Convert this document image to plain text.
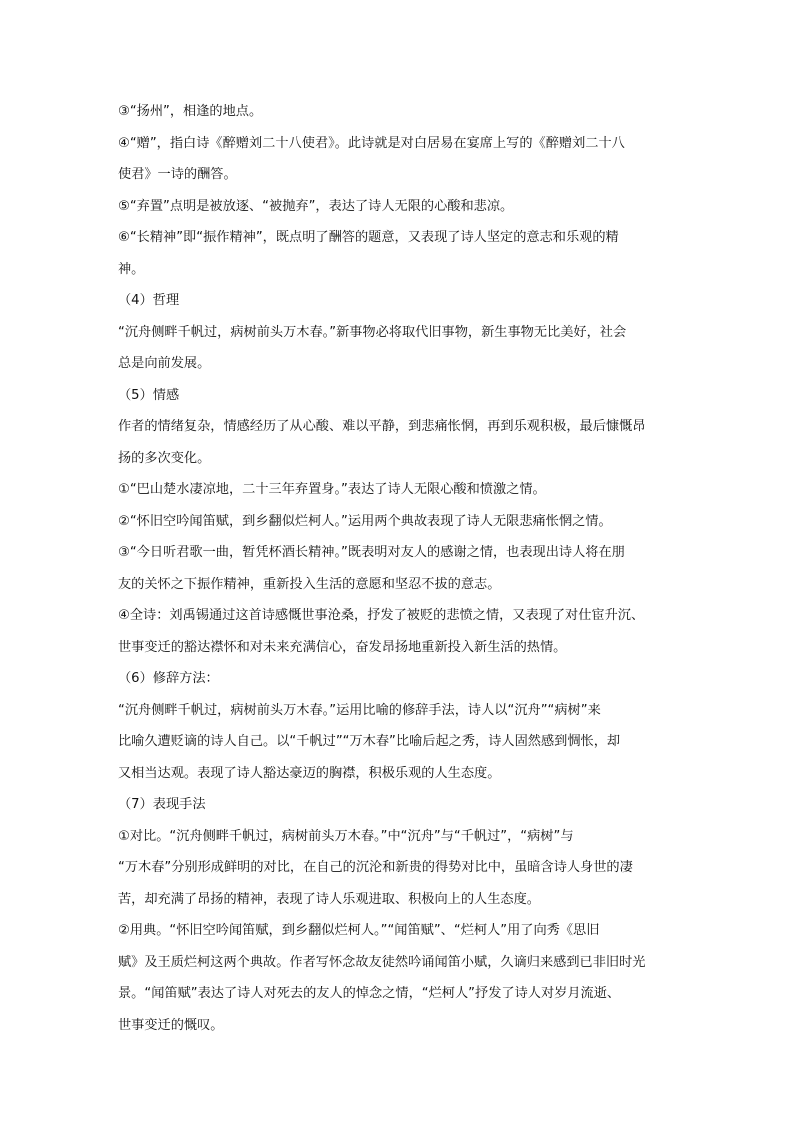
③“扬州”，相逢的地点。
④“赠”，指白诗《醉赠刘二十八使君》。此诗就是对白居易在宴席上写的《醉赠刘二十八
使君》一诗的酬答。
⑤“弃置”点明是被放逐、“被抛弃”，表达了诗人无限的心酸和悲凉。
⑥“长精神”即“振作精神”，既点明了酬答的题意，又表现了诗人坚定的意志和乐观的精
神。
（4）哲理
“沉舟侧畔千帆过，病树前头万木春。”新事物必将取代旧事物，新生事物无比美好，社会
总是向前发展。
（5）情感
作者的情绪复杂，情感经历了从心酸、难以平静，到悲痛怅惘，再到乐观积极，最后慷慨昂
扬的多次变化。
①“巴山楚水凄凉地，二十三年弃置身。”表达了诗人无限心酸和愤激之情。
②“怀旧空吟闻笛赋，到乡翻似烂柯人。”运用两个典故表现了诗人无限悲痛怅惘之情。
③“今日听君歌一曲，暂凭杯酒长精神。”既表明对友人的感谢之情，也表现出诗人将在朋
友的关怀之下振作精神，重新投入生活的意愿和坚忍不拔的意志。
④全诗：刘禹锡通过这首诗感慨世事沧桑，抒发了被贬的悲愤之情，又表现了对仕宦升沉、
世事变迁的豁达襟怀和对未来充满信心，奋发昂扬地重新投入新生活的热情。
（6）修辞方法：
“沉舟侧畔千帆过，病树前头万木春。”运用比喻的修辞手法，诗人以“沉舟”“病树”来
比喻久遭贬谪的诗人自己。以“千帆过”“万木春”比喻后起之秀，诗人固然感到惆怅，却
又相当达观。表现了诗人豁达豪迈的胸襟，积极乐观的人生态度。
（7）表现手法
①对比。“沉舟侧畔千帆过，病树前头万木春。”中“沉舟”与“千帆过”，“病树”与
“万木春”分别形成鲜明的对比，在自己的沉沦和新贵的得势对比中，虽暗含诗人身世的凄
苦，却充满了昂扬的精神，表现了诗人乐观进取、积极向上的人生态度。
②用典。“怀旧空吟闻笛赋，到乡翻似烂柯人。”“闻笛赋”、“烂柯人”用了向秀《思旧
赋》及王质烂柯这两个典故。作者写怀念故友徒然吟诵闻笛小赋，久谪归来感到已非旧时光
景。“闻笛赋”表达了诗人对死去的友人的悼念之情，“烂柯人”抒发了诗人对岁月流逝、
世事变迁的慨叹。
